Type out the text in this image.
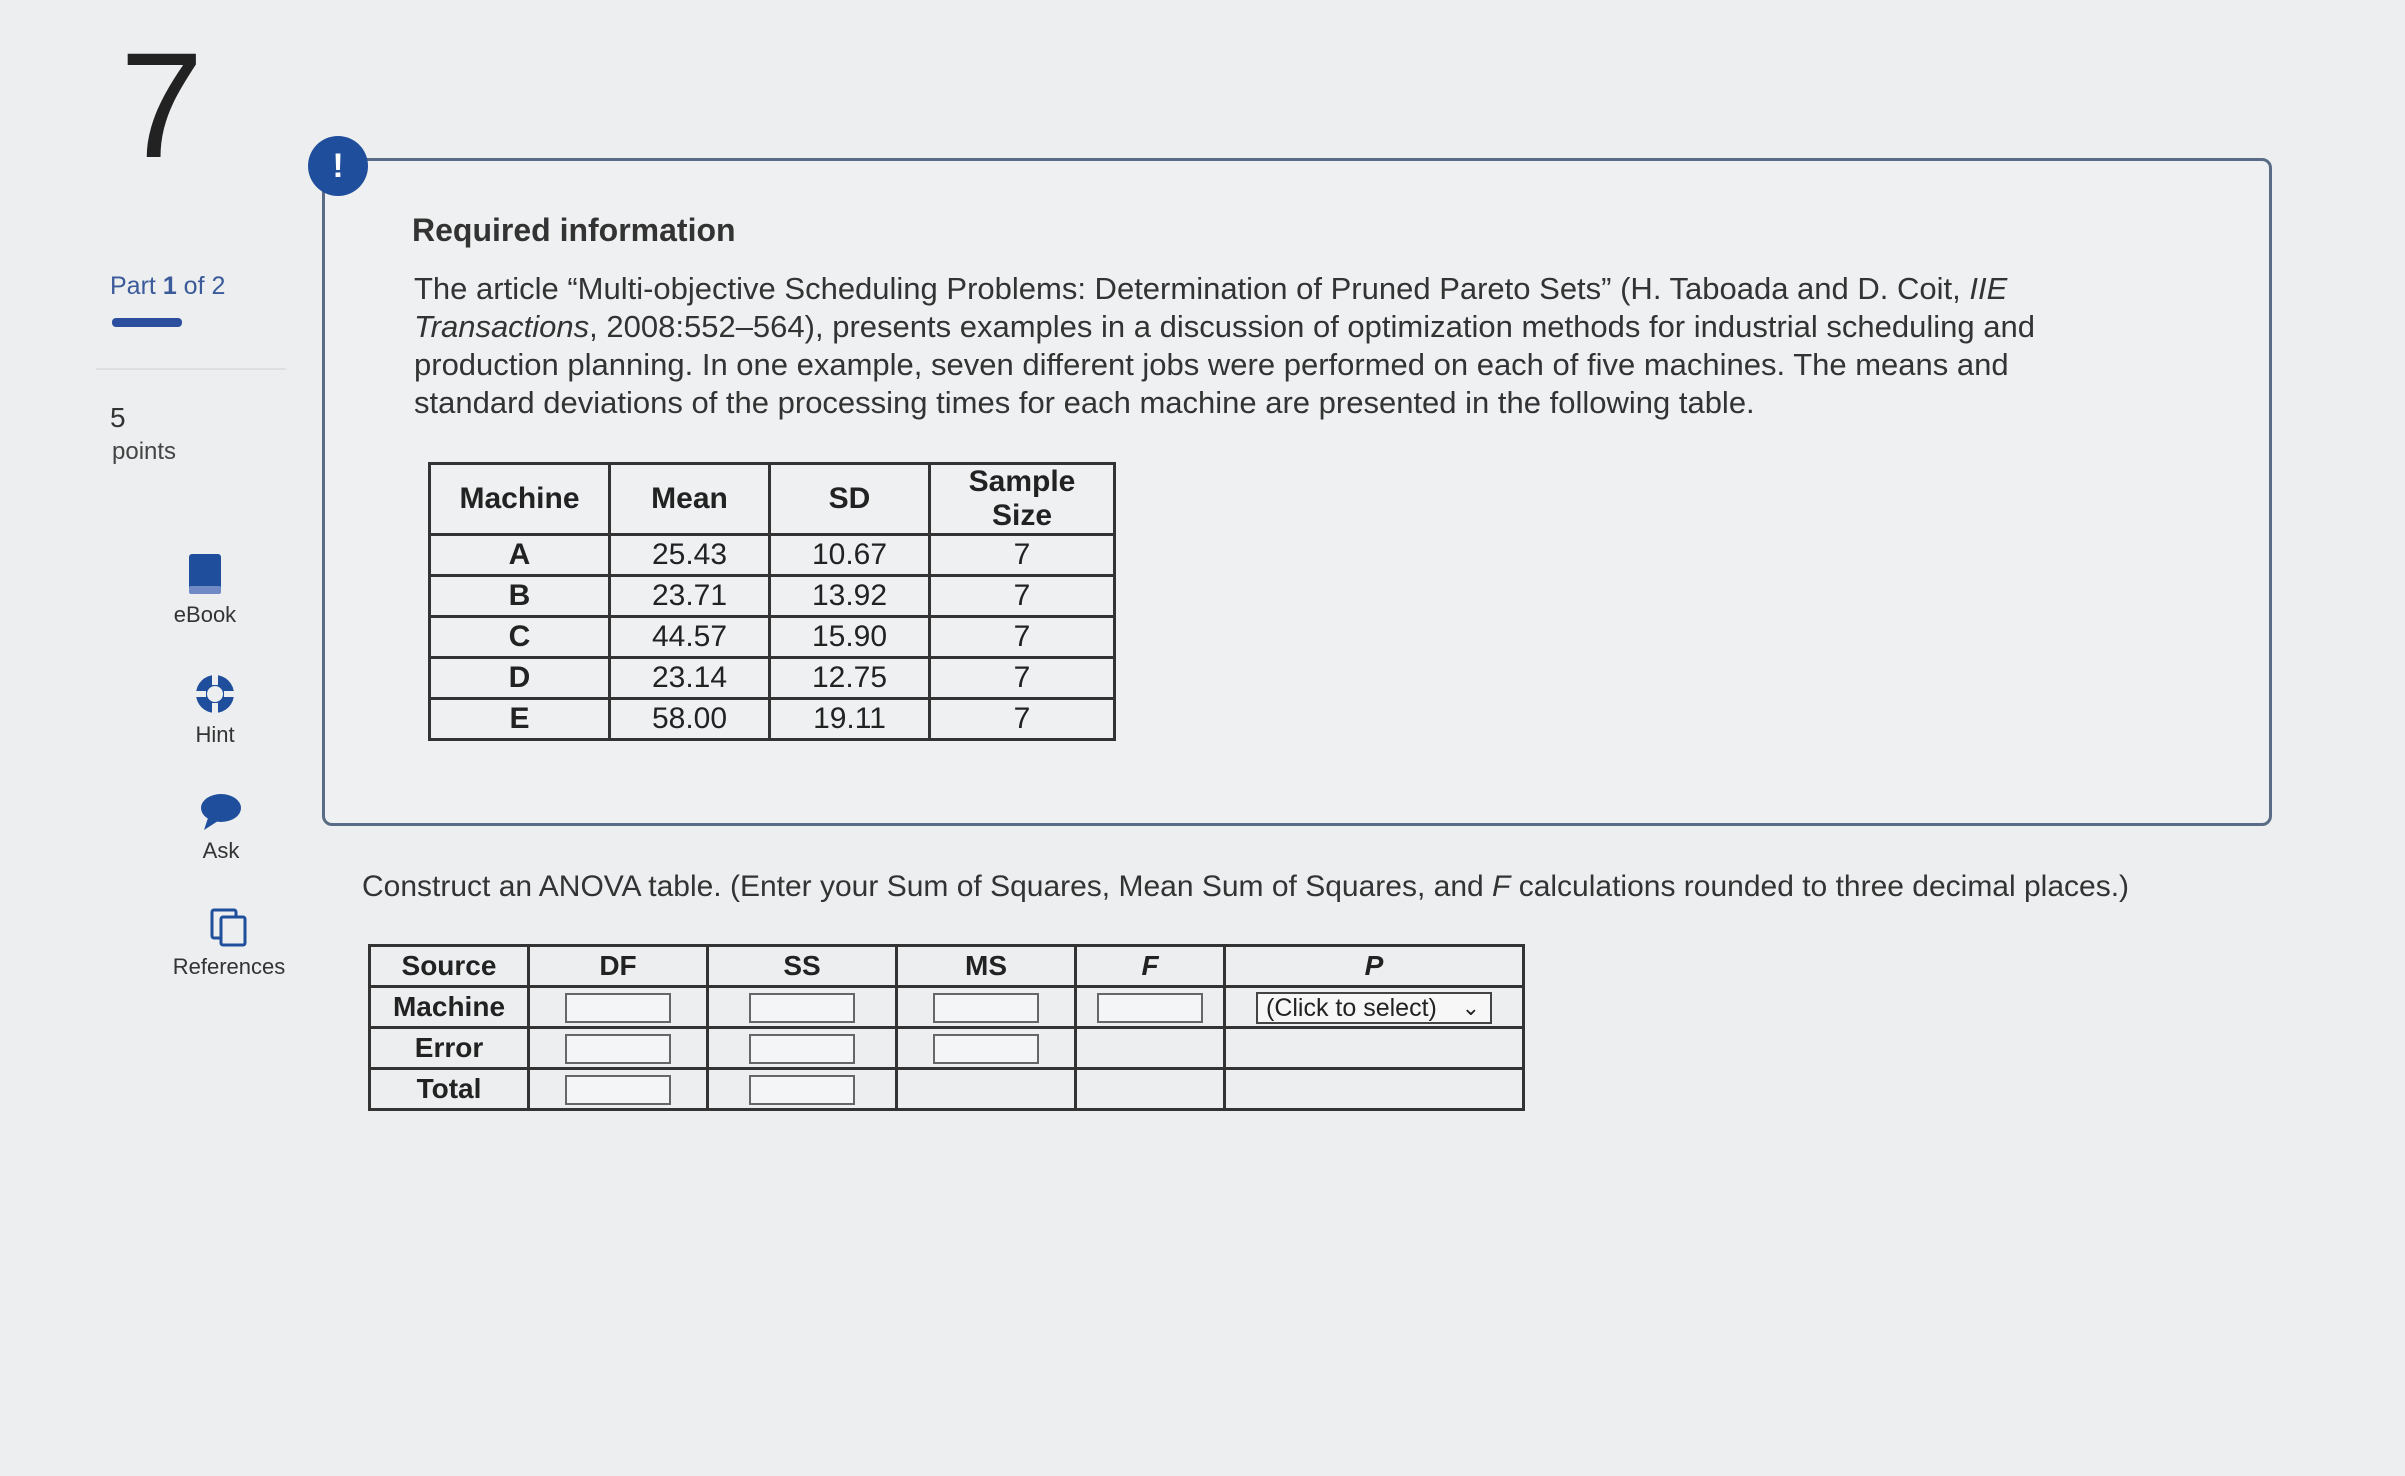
7
Part 1 of 2
5
points
eBook
Hint
Ask
References
!
Required information
The article “Multi-objective Scheduling Problems: Determination of Pruned Pareto Sets” (H. Taboada and D. Coit, IIE Transactions, 2008:552–564), presents examples in a discussion of optimization methods for industrial scheduling and production planning. In one example, seven different jobs were performed on each of five machines. The means and standard deviations of the processing times for each machine are presented in the following table.
Machine	Mean	SD	Sample Size
A	25.43	10.67	7
B	23.71	13.92	7
C	44.57	15.90	7
D	23.14	12.75	7
E	58.00	19.11	7
Construct an ANOVA table. (Enter your Sum of Squares, Mean Sum of Squares, and F calculations rounded to three decimal places.)
Source	DF	SS	MS	F	P
Machine					(Click to select) ⌄

Error					
Total					
